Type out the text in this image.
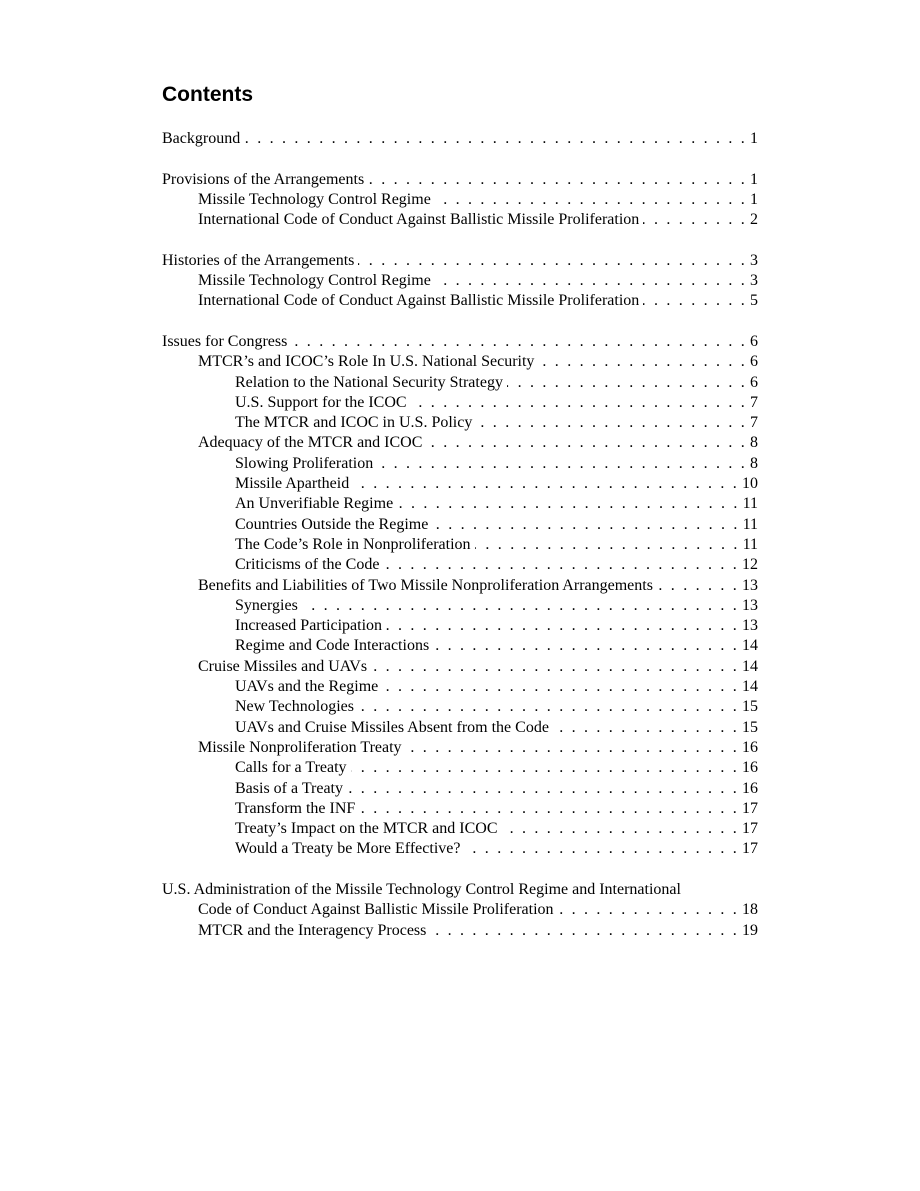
Contents
Background . . .	1
Provisions of the Arrangements . . .	1
Missile Technology Control Regime . . .	1
International Code of Conduct Against Ballistic Missile Proliferation . . .	2
Histories of the Arrangements . . .	3
Missile Technology Control Regime . . .	3
International Code of Conduct Against Ballistic Missile Proliferation . . .	5
Issues for Congress . . .	6
MTCR’s and ICOC’s Role In U.S. National Security . . .	6
Relation to the National Security Strategy . . .	6
U.S. Support for the ICOC . . .	7
The MTCR and ICOC in U.S. Policy . . .	7
Adequacy of the MTCR and ICOC . . .	8
Slowing Proliferation . . .	8
Missile Apartheid . . .	10
An Unverifiable Regime . . .	11
Countries Outside the Regime . . .	11
The Code’s Role in Nonproliferation . . .	11
Criticisms of the Code . . .	12
Benefits and Liabilities of Two Missile Nonproliferation Arrangements . . .	13
Synergies . . .	13
Increased Participation . . .	13
Regime and Code Interactions . . .	14
Cruise Missiles and UAVs . . .	14
UAVs and the Regime . . .	14
New Technologies . . .	15
UAVs and Cruise Missiles Absent from the Code . . .	15
Missile Nonproliferation Treaty . . .	16
Calls for a Treaty . . .	16
Basis of a Treaty . . .	16
Transform the INF . . .	17
Treaty’s Impact on the MTCR and ICOC . . .	17
Would a Treaty be More Effective? . . .	17
U.S. Administration of the Missile Technology Control Regime and International
Code of Conduct Against Ballistic Missile Proliferation . . .	18
MTCR and the Interagency Process . . .	19
